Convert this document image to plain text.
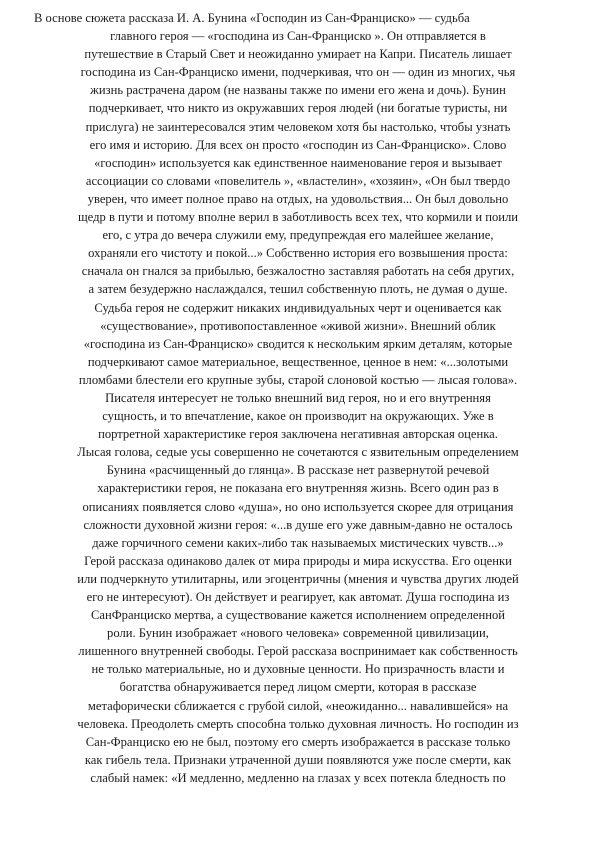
В основе сюжета рассказа И. А. Бунина «Господин из Сан-Франциско» — судьба
главного героя — «господина из Сан-Франциско ». Он отправляется в
путешествие в Старый Свет и неожиданно умирает на Капри. Писатель лишает
господина из Сан-Франциско имени, подчеркивая, что он — один из многих, чья
жизнь растрачена даром (не названы также по имени его жена и дочь). Бунин
подчеркивает, что никто из окружавших героя людей (ни богатые туристы, ни
прислуга) не заинтересовался этим человеком хотя бы настолько, чтобы узнать
его имя и историю. Для всех он просто «господин из Сан-Франциско». Слово
«господин» используется как единственное наименование героя и вызывает
ассоциации со словами «повелитель », «властелин», «хозяин», «Он был твердо
уверен, что имеет полное право на отдых, на удовольствия... Он был довольно
щедр в пути и потому вполне верил в заботливость всех тех, что кормили и поили
его, с утра до вечера служили ему, предупреждая его малейшее желание,
охраняли его чистоту и покой...» Собственно история его возвышения проста:
сначала он гнался за прибылью, безжалостно заставляя работать на себя других,
а затем безудержно наслаждался, тешил собственную плоть, не думая о душе.
Судьба героя не содержит никаких индивидуальных черт и оценивается как
«существование», противопоставленное «живой жизни». Внешний облик
«господина из Сан-Франциско» сводится к нескольким ярким деталям, которые
подчеркивают самое материальное, вещественное, ценное в нем: «...золотыми
пломбами блестели его крупные зубы, старой слоновой костью — лысая голова».
Писателя интересует не только внешний вид героя, но и его внутренняя
сущность, и то впечатление, какое он производит на окружающих. Уже в
портретной характеристике героя заключена негативная авторская оценка.
Лысая голова, седые усы совершенно не сочетаются с язвительным определением
Бунина «расчищенный до глянца». В рассказе нет развернутой речевой
характеристики героя, не показана его внутренняя жизнь. Всего один раз в
описаниях появляется слово «душа», но оно используется скорее для отрицания
сложности духовной жизни героя: «...в душе его уже давным-давно не осталось
даже горчичного семени каких-либо так называемых мистических чувств...»
Герой рассказа одинаково далек от мира природы и мира искусства. Его оценки
или подчеркнуто утилитарны, или эгоцентричны (мнения и чувства других людей
его не интересуют). Он действует и реагирует, как автомат. Душа господина из
СанФранциско мертва, а существование кажется исполнением определенной
роли. Бунин изображает «нового человека» современной цивилизации,
лишенного внутренней свободы. Герой рассказа воспринимает как собственность
не только материальные, но и духовные ценности. Но призрачность власти и
богатства обнаруживается перед лицом смерти, которая в рассказе
метафорически сближается с грубой силой, «неожиданно... навалившейся» на
человека. Преодолеть смерть способна только духовная личность. Но господин из
Сан-Франциско ею не был, поэтому его смерть изображается в рассказе только
как гибель тела. Признаки утраченной души появляются уже после смерти, как
слабый намек: «И медленно, медленно на глазах у всех потекла бледность по
